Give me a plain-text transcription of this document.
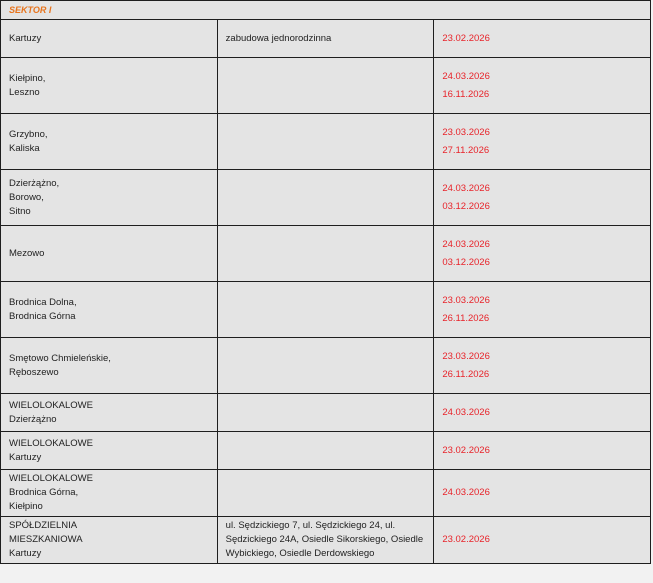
SEKTOR I		

Kartuzy	zabudowa jednorodzinna	23.02.2026

Kiełpino,
Leszno		24.03.2026
16.11.2026

Grzybno,
Kaliska		23.03.2026
27.11.2026

Dzierżążno,
Borowo,
Sitno		24.03.2026
03.12.2026

Mezowo		24.03.2026
03.12.2026

Brodnica Dolna,
Brodnica Górna		23.03.2026
26.11.2026

Smętowo Chmieleńskie,
Ręboszewo		23.03.2026
26.11.2026

WIELOLOKALOWE
Dzierżążno		24.03.2026

WIELOLOKALOWE
Kartuzy		23.02.2026

WIELOLOKALOWE
Brodnica Górna,
Kiełpino		24.03.2026

SPÓŁDZIELNIA
MIESZKANIOWA
Kartuzy	ul. Sędzickiego 7, ul. Sędzickiego 24, ul. Sędzickiego 24A, Osiedle Sikorskiego, Osiedle Wybickiego, Osiedle Derdowskiego	23.02.2026
